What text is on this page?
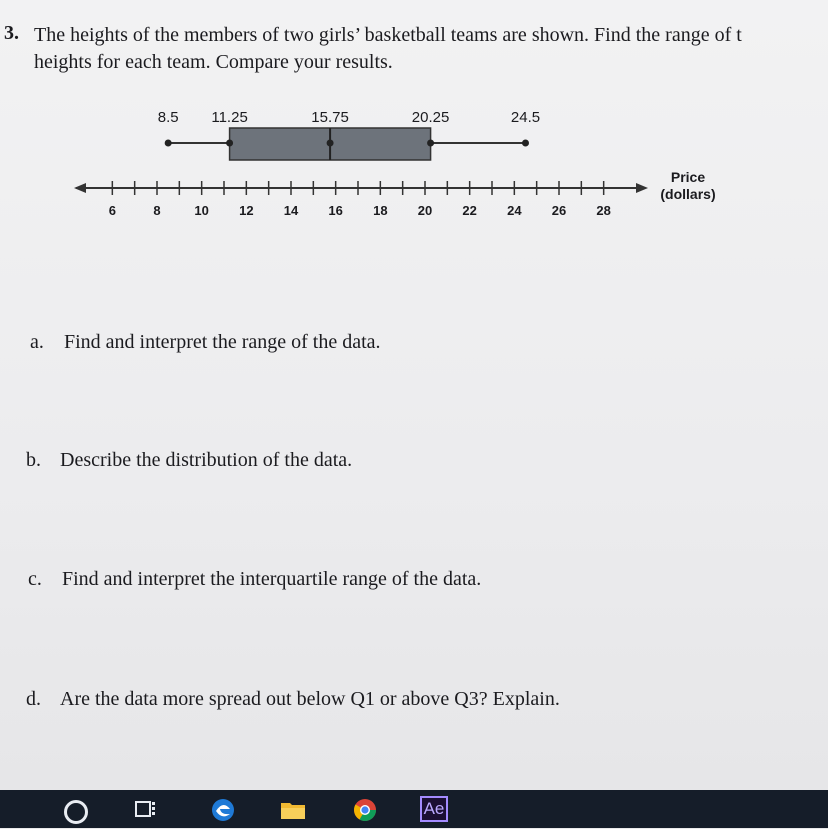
3. The heights of the members of two girls’ basketball teams are shown. Find the range of t
heights for each team. Compare your results.
8.5 11.25	15.75	20.25	24.5
6	8	10 12 14 16 18 20 22 24 26 28
Price
(dollars)
a. Find and interpret the range of the data.
b. Describe the distribution of the data.
c. Find and interpret the interquartile range of the data.
d. Are the data more spread out below Q1 or above Q3? Explain.
Ae
